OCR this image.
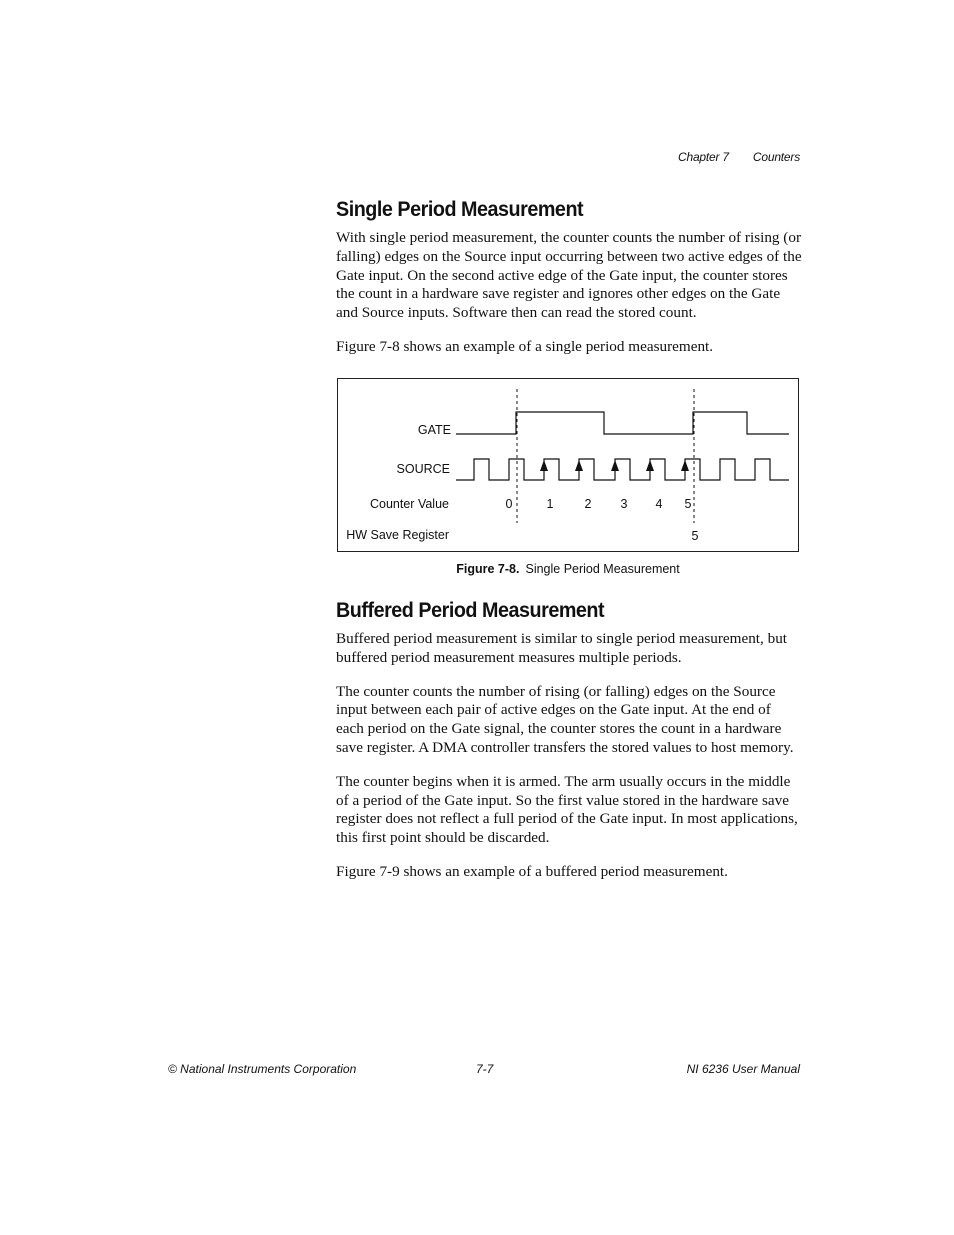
Chapter 7 Counters
Single Period Measurement

With single period measurement, the counter counts the number of rising (or falling) edges on the Source input occurring between two active edges of the Gate input. On the second active edge of the Gate input, the counter stores the count in a hardware save register and ignores other edges on the Gate and Source inputs. Software then can read the stored count.

Figure 7-8 shows an example of a single period measurement.

GATE
SOURCE
Counter Value
HW Save Register
0	1 2 3 4 5
5
Figure 7-8. Single Period Measurement
Buffered Period Measurement

Buffered period measurement is similar to single period measurement, but buffered period measurement measures multiple periods.

The counter counts the number of rising (or falling) edges on the Source input between each pair of active edges on the Gate input. At the end of each period on the Gate signal, the counter stores the count in a hardware save register. A DMA controller transfers the stored values to host memory.

The counter begins when it is armed. The arm usually occurs in the middle of a period of the Gate input. So the first value stored in the hardware save register does not reflect a full period of the Gate input. In most applications, this first point should be discarded.

Figure 7-9 shows an example of a buffered period measurement.

© National Instruments Corporation	7-7	NI 6236 User Manual
